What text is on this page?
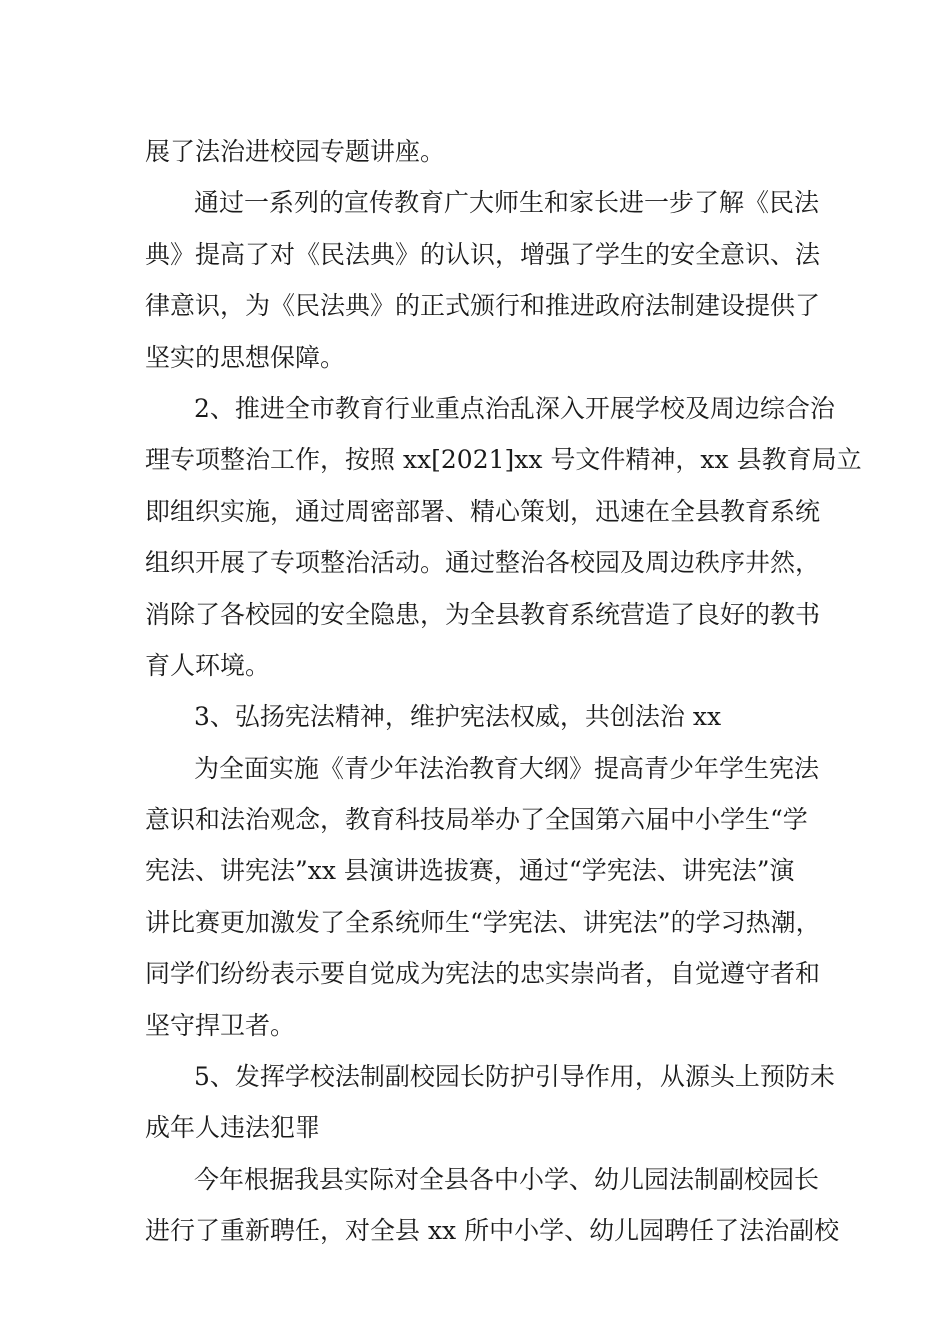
展了法治进校园专题讲座。
通过一系列的宣传教育广大师生和家长进一步了解《民法
典》提高了对《民法典》的认识，增强了学生的安全意识、法
律意识，为《民法典》的正式颁行和推进政府法制建设提供了
坚实的思想保障。
2、推进全市教育行业重点治乱深入开展学校及周边综合治
理专项整治工作，按照 xx[2021]xx 号文件精神，xx 县教育局立
即组织实施，通过周密部署、精心策划，迅速在全县教育系统
组织开展了专项整治活动。通过整治各校园及周边秩序井然，
消除了各校园的安全隐患，为全县教育系统营造了良好的教书
育人环境。
3、弘扬宪法精神，维护宪法权威，共创法治 xx
为全面实施《青少年法治教育大纲》提高青少年学生宪法
意识和法治观念，教育科技局举办了全国第六届中小学生“学
宪法、讲宪法”xx 县演讲选拔赛，通过“学宪法、讲宪法”演
讲比赛更加激发了全系统师生“学宪法、讲宪法”的学习热潮，
同学们纷纷表示要自觉成为宪法的忠实崇尚者，自觉遵守者和
坚守捍卫者。
5、发挥学校法制副校园长防护引导作用，从源头上预防未
成年人违法犯罪
今年根据我县实际对全县各中小学、幼儿园法制副校园长
进行了重新聘任，对全县 xx 所中小学、幼儿园聘任了法治副校
